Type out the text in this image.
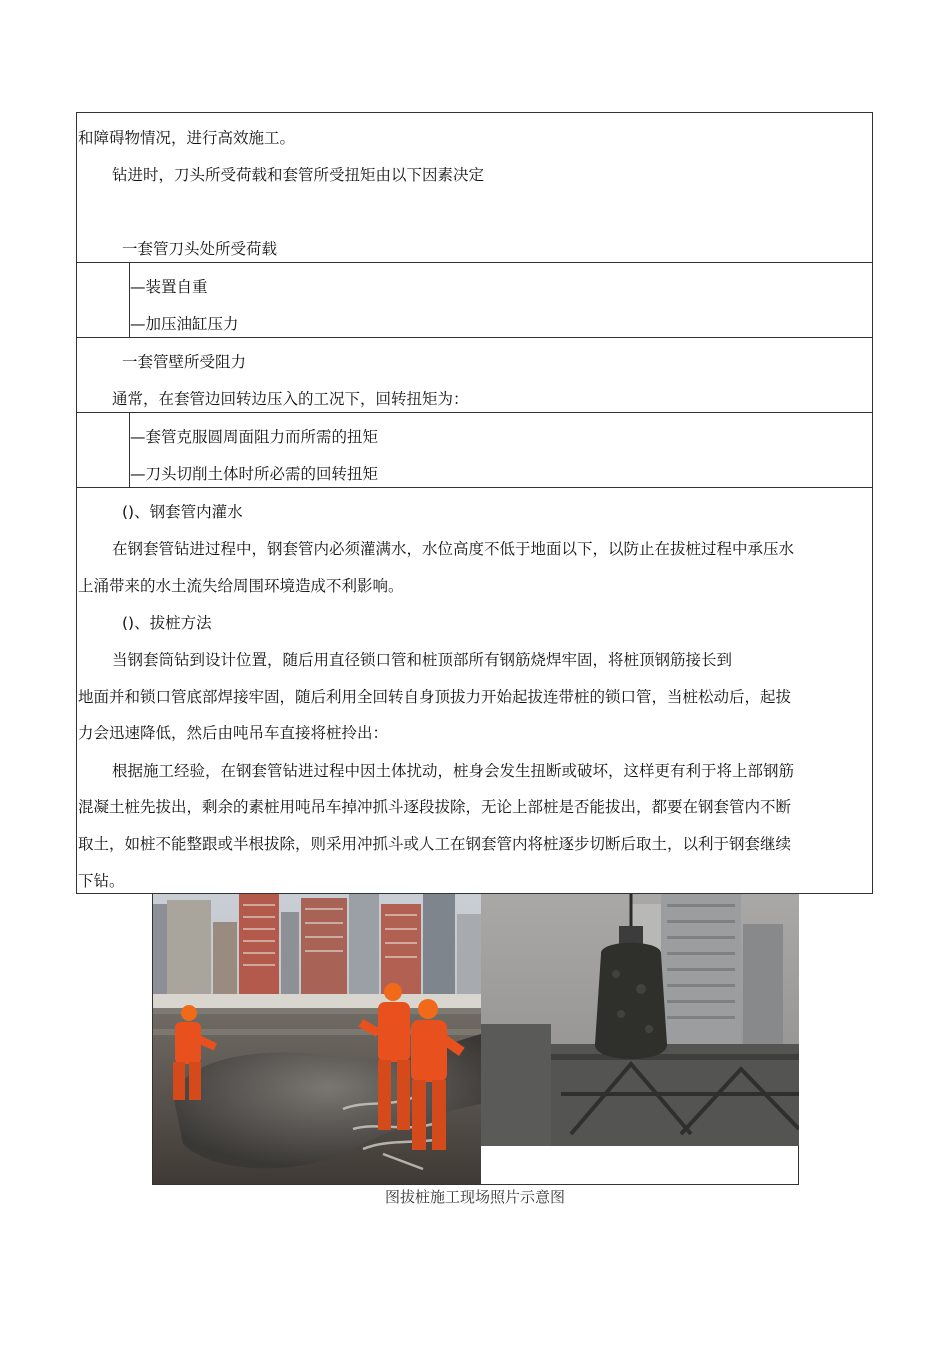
和障碍物情况，进行高效施工。
钻进时，刀头所受荷载和套管所受扭矩由以下因素决定
一套管刀头处所受荷载
—装置自重
—加压油缸压力
一套管壁所受阻力
通常，在套管边回转边压入的工况下，回转扭矩为：
—套管克服圆周面阻力而所需的扭矩
—刀头切削土体时所必需的回转扭矩
()、钢套管内灌水
在钢套管钻进过程中，钢套管内必须灌满水，水位高度不低于地面以下，以防止在拔桩过程中承压水
上涌带来的水土流失给周围环境造成不利影响。
()、拔桩方法
当钢套筒钻到设计位置，随后用直径锁口管和桩顶部所有钢筋烧焊牢固，将桩顶钢筋接长到
地面并和锁口管底部焊接牢固，随后利用全回转自身顶拔力开始起拔连带桩的锁口管，当桩松动后，起拔
力会迅速降低，然后由吨吊车直接将桩拎出：
根据施工经验，在钢套管钻进过程中因土体扰动，桩身会发生扭断或破坏，这样更有利于将上部钢筋
混凝土桩先拔出，剩余的素桩用吨吊车掉冲抓斗逐段拔除，无论上部桩是否能拔出，都要在钢套管内不断
取土，如桩不能整跟或半根拔除，则采用冲抓斗或人工在钢套管内将桩逐步切断后取土，以利于钢套继续
下钻。
图拔桩施工现场照片示意图
